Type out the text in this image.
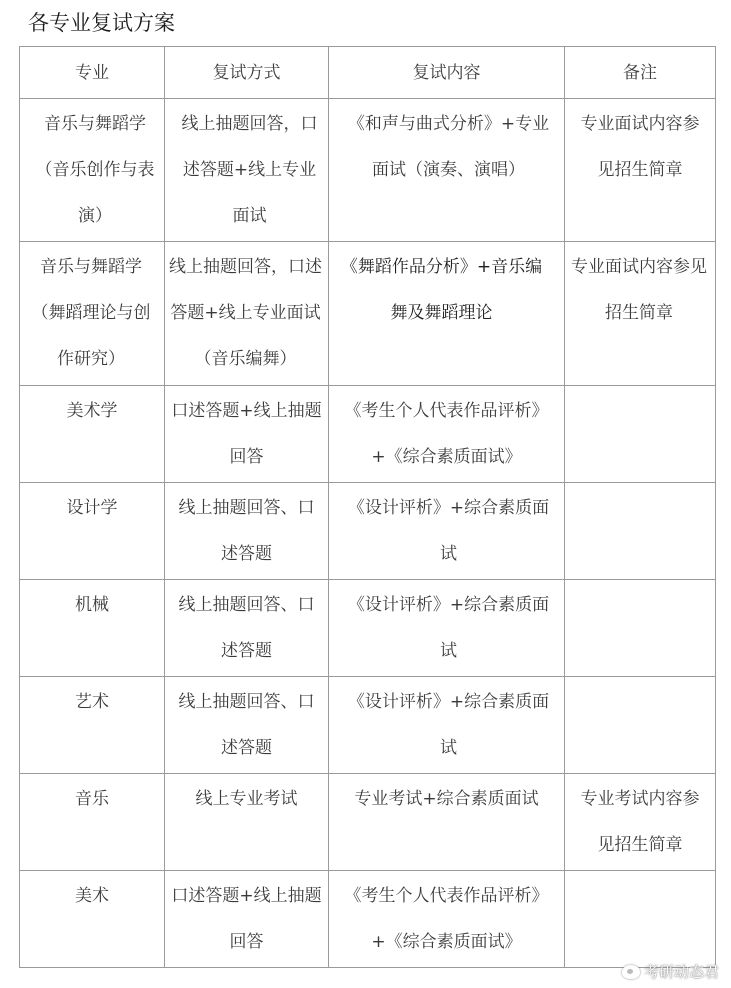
各专业复试方案
专业	复试方式	复试内容	备注
音乐与舞蹈学（音乐创作与表演）	线上抽题回答，口述答题+线上专业面试	《和声与曲式分析》+专业面试（演奏、演唱）	专业面试内容参见招生简章
音乐与舞蹈学（舞蹈理论与创作研究）	线上抽题回答，口述答题+线上专业面试（音乐编舞）	《舞蹈作品分析》+音乐编舞及舞蹈理论	专业面试内容参见招生简章
美术学	口述答题+线上抽题回答	《考生个人代表作品评析》+《综合素质面试》	
设计学	线上抽题回答、口述答题	《设计评析》+综合素质面试	
机械	线上抽题回答、口述答题	《设计评析》+综合素质面试	
艺术	线上抽题回答、口述答题	《设计评析》+综合素质面试	
音乐	线上专业考试	专业考试+综合素质面试	专业考试内容参见招生简章
美术	口述答题+线上抽题回答	《考生个人代表作品评析》+《综合素质面试》	
考研动态君
